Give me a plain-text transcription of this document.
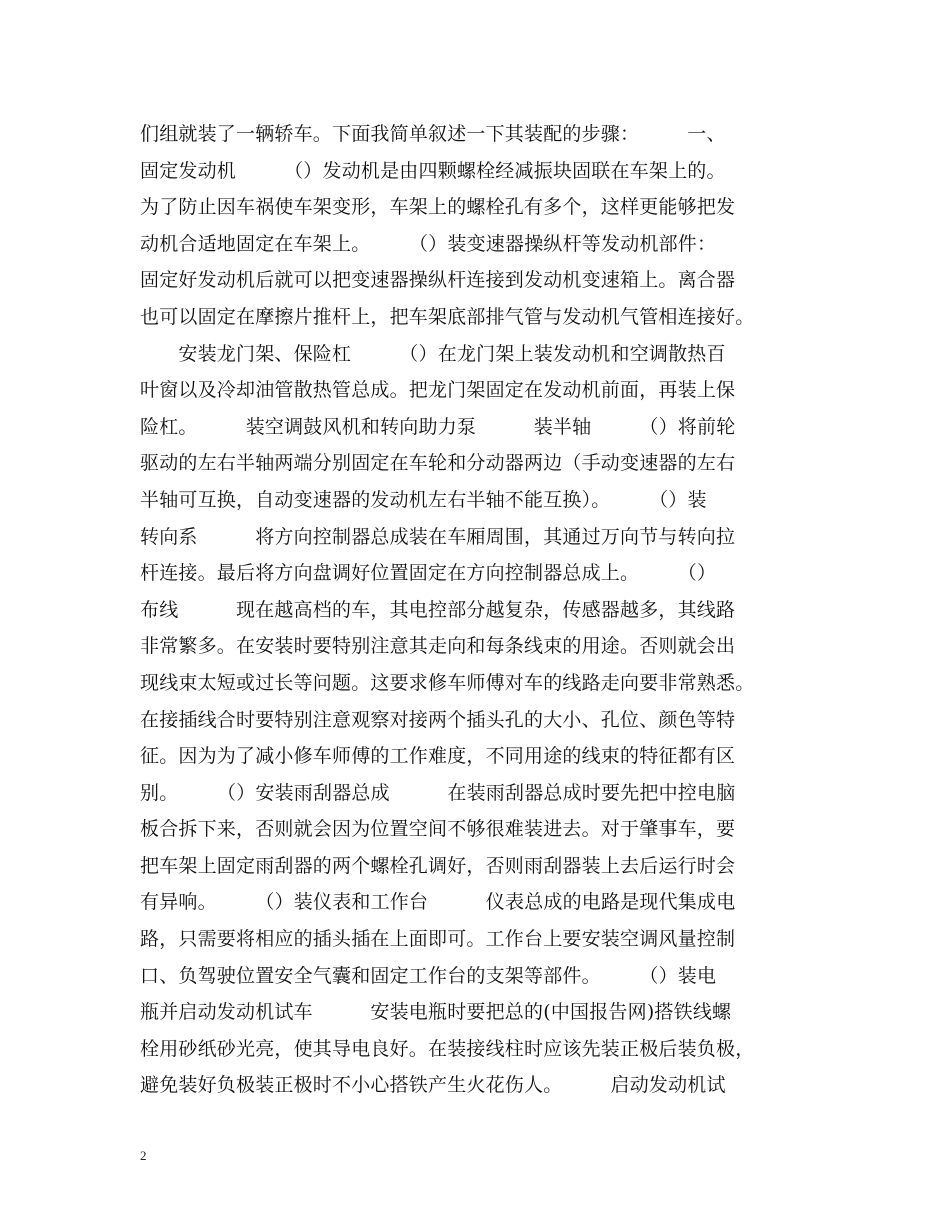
们组就装了一辆轿车。下面我简单叙述一下其装配的步骤：　　　一、
固定发动机　　　（）发动机是由四颗螺栓经减振块固联在车架上的。
为了防止因车祸使车架变形，车架上的螺栓孔有多个，这样更能够把发
动机合适地固定在车架上。　　　（）装变速器操纵杆等发动机部件：
固定好发动机后就可以把变速器操纵杆连接到发动机变速箱上。离合器
也可以固定在摩擦片推杆上，把车架底部排气管与发动机气管相连接好。
　　安装龙门架、保险杠　　　（）在龙门架上装发动机和空调散热百
叶窗以及冷却油管散热管总成。把龙门架固定在发动机前面，再装上保
险杠。　　　装空调鼓风机和转向助力泵　　　装半轴　　　（）将前轮
驱动的左右半轴两端分别固定在车轮和分动器两边（手动变速器的左右
半轴可互换，自动变速器的发动机左右半轴不能互换）。　　　（）装
转向系　　　将方向控制器总成装在车厢周围，其通过万向节与转向拉
杆连接。最后将方向盘调好位置固定在方向控制器总成上。　　　（）
布线　　　现在越高档的车，其电控部分越复杂，传感器越多，其线路
非常繁多。在安装时要特别注意其走向和每条线束的用途。否则就会出
现线束太短或过长等问题。这要求修车师傅对车的线路走向要非常熟悉。
在接插线合时要特别注意观察对接两个插头孔的大小、孔位、颜色等特
征。因为为了减小修车师傅的工作难度，不同用途的线束的特征都有区
别。　　　（）安装雨刮器总成　　　在装雨刮器总成时要先把中控电脑
板合拆下来，否则就会因为位置空间不够很难装进去。对于肇事车，要
把车架上固定雨刮器的两个螺栓孔调好，否则雨刮器装上去后运行时会
有异响。　　　（）装仪表和工作台　　　仪表总成的电路是现代集成电
路，只需要将相应的插头插在上面即可。工作台上要安装空调风量控制
口、负驾驶位置安全气囊和固定工作台的支架等部件。　　　（）装电
瓶并启动发动机试车　　　安装电瓶时要把总的(中国报告网)搭铁线螺
栓用砂纸砂光亮，使其导电良好。在装接线柱时应该先装正极后装负极，
避免装好负极装正极时不小心搭铁产生火花伤人。　　　启动发动机试
2
